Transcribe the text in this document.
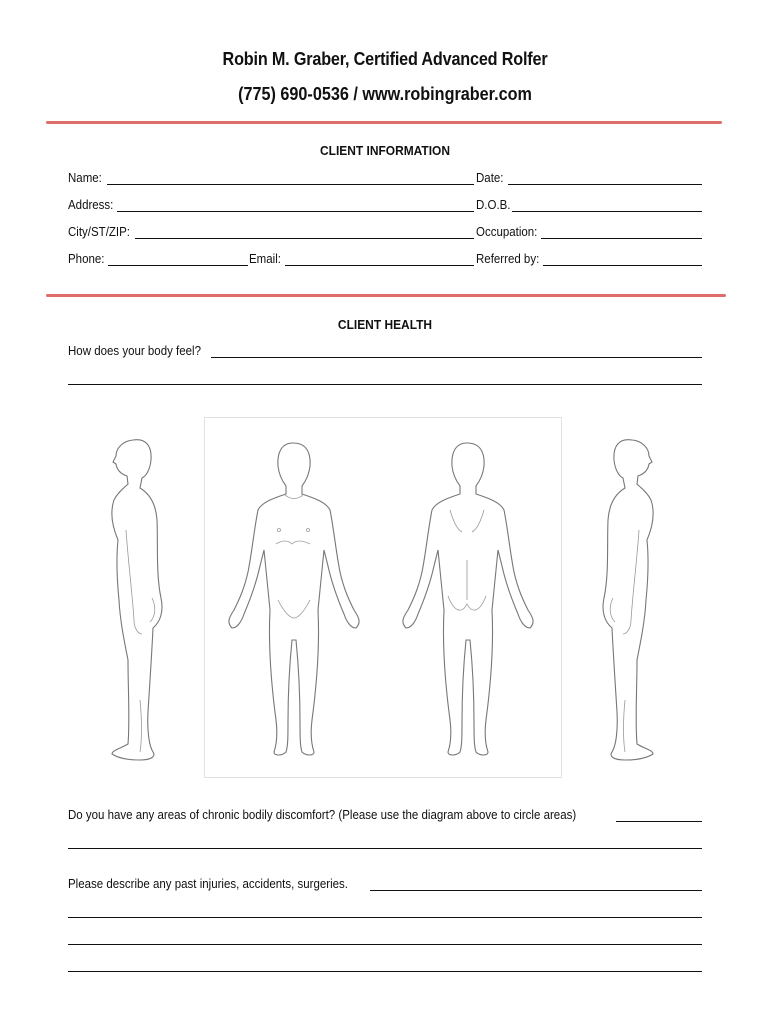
Robin M. Graber, Certified Advanced Rolfer
(775) 690-0536 / www.robingraber.com
CLIENT INFORMATION
Name:	Date:
Address:	D.O.B.
City/ST/ZIP:	Occupation:
Phone:	Email:	Referred by:
CLIENT HEALTH
How does your body feel?
Do you have any areas of chronic bodily discomfort? (Please use the diagram above to circle areas)
Please describe any past injuries, accidents, surgeries.
